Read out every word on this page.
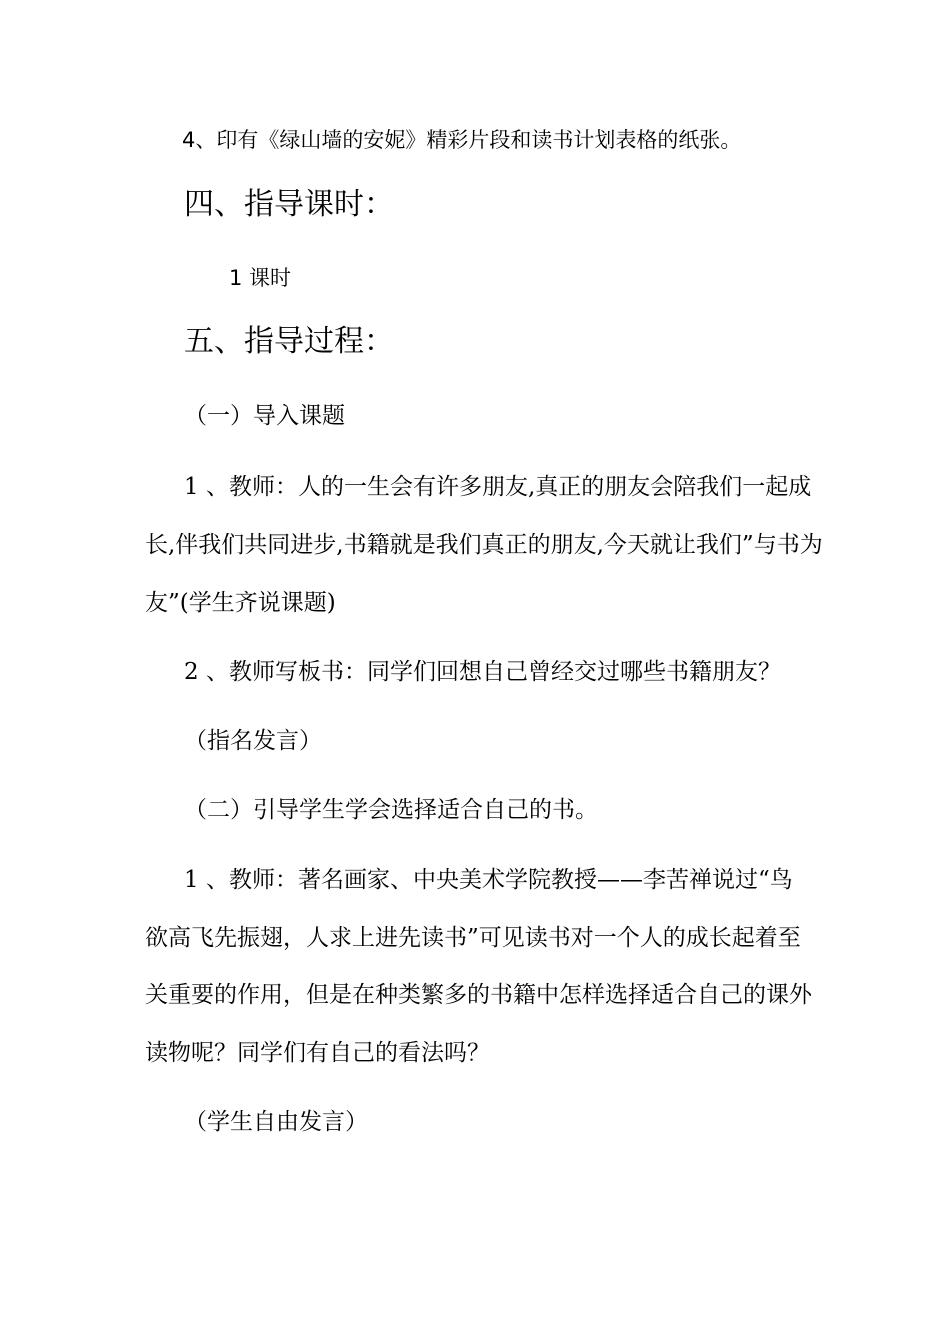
4、印有《绿山墙的安妮》精彩片段和读书计划表格的纸张。
四、指导课时：
1 课时
五、指导过程：
（一）导入课题
1 、教师：人的一生会有许多朋友,真正的朋友会陪我们一起成
长,伴我们共同进步,书籍就是我们真正的朋友,今天就让我们”与书为
友”(学生齐说课题)
2 、教师写板书：同学们回想自己曾经交过哪些书籍朋友？
（指名发言）
（二）引导学生学会选择适合自己的书。
1 、教师：著名画家、中央美术学院教授——李苦禅说过“鸟
欲高飞先振翅，人求上进先读书”可见读书对一个人的成长起着至
关重要的作用，但是在种类繁多的书籍中怎样选择适合自己的课外
读物呢？同学们有自己的看法吗？
（学生自由发言）
